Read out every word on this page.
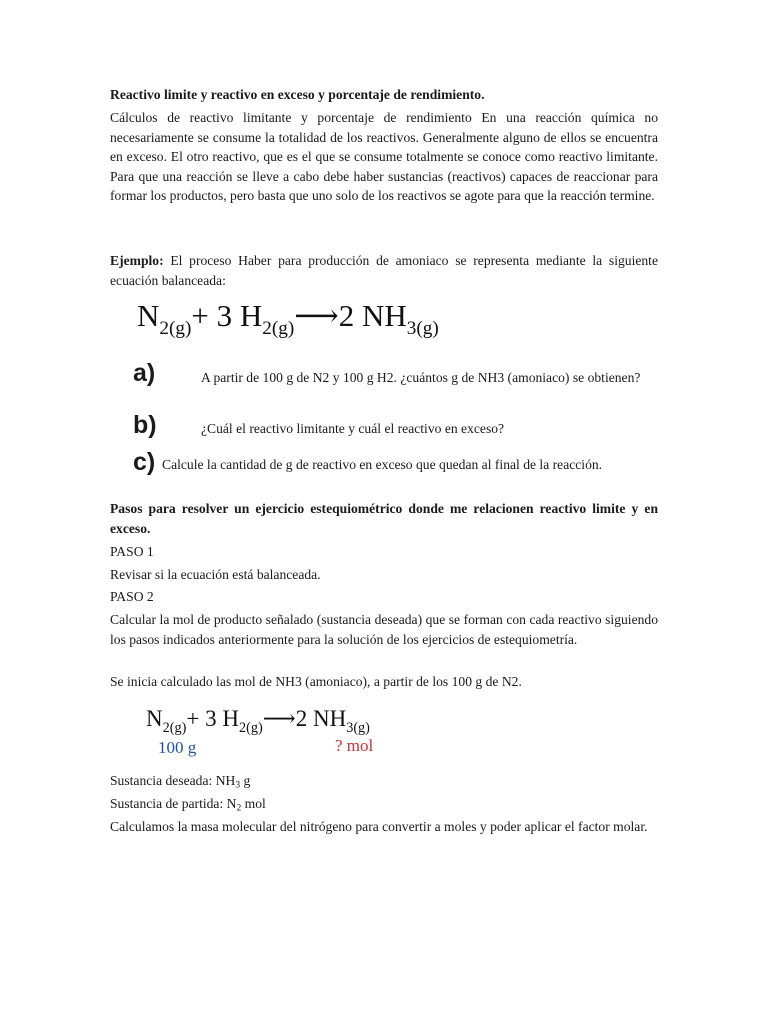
Reactivo limite y reactivo en exceso y porcentaje de rendimiento.
Cálculos de reactivo limitante y porcentaje de rendimiento En una reacción química no necesariamente se consume la totalidad de los reactivos. Generalmente alguno de ellos se encuentra en exceso. El otro reactivo, que es el que se consume totalmente se conoce como reactivo limitante. Para que una reacción se lleve a cabo debe haber sustancias (reactivos) capaces de reaccionar para formar los productos, pero basta que uno solo de los reactivos se agote para que la reacción termine.
Ejemplo: El proceso Haber para producción de amoniaco se representa mediante la siguiente ecuación balanceada:
$N_{2(g)}+ 3$ $H_{2(g)}⟶2$ $NH_{3(g)}$
a)	A partir de 100 g de N2 y 100 g H2. ¿cuántos g de NH3 (amoniaco) se obtienen?
b)	¿Cuál el reactivo limitante y cuál el reactivo en exceso?
c) Calcule la cantidad de g de reactivo en exceso que quedan al final de la reacción.
Pasos para resolver un ejercicio estequiométrico donde me relacionen reactivo limite y en exceso.
PASO 1
Revisar si la ecuación está balanceada.
PASO 2
Calcular la mol de producto señalado (sustancia deseada) que se forman con cada reactivo siguiendo los pasos indicados anteriormente para la solución de los ejercicios de estequiometría.
Se inicia calculado las mol de NH3 (amoniaco), a partir de los 100 g de N2.
$N_{2(g)}+ 3$ $H_{2(g)}⟶2$ $NH_{3(g)}$
100 g	? mol
Sustancia deseada: NH3 g
Sustancia de partida: N2 mol
Calculamos la masa molecular del nitrógeno para convertir a moles y poder aplicar el factor molar.
